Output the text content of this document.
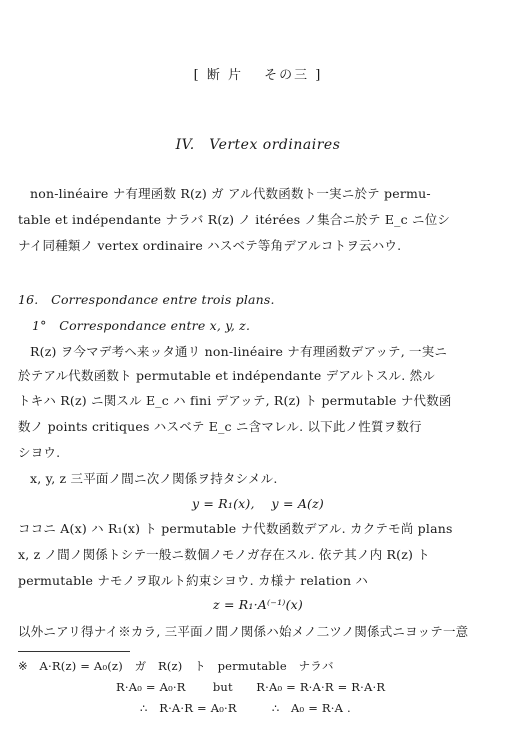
[ 断 片　 その三 ]
IV.　Vertex ordinaires
non-linéaire ナ有理函数 R(z) ガ アル代数函数ト一実ニ於テ permu-
table et indépendante ナラバ R(z) ノ itérées ノ集合ニ於テ E_c ニ位シ
ナイ同種類ノ vertex ordinaire ハスベテ等角デアルコトヲ云ハウ.
16.　Correspondance entre trois plans.
1°　Correspondance entre x, y, z.
R(z) ヲ今マデ考ヘ来ッタ通リ non-linéaire ナ有理函数デアッテ, 一実ニ
於テアル代数函数ト permutable et indépendante デアルトスル. 然ル
トキハ R(z) ニ関スル E_c ハ fini デアッテ, R(z) ト permutable ナ代数函
数ノ points critiques ハスベテ E_c ニ含マレル. 以下此ノ性質ヲ数行
シヨウ.
x, y, z 三平面ノ間ニ次ノ関係ヲ持タシメル.
y = R₁(x),　 y = A(z)
ココニ A(x) ハ R₁(x) ト permutable ナ代数函数デアル. カクテモ尚 plans
x, z ノ間ノ関係トシテ一般ニ数個ノモノガ存在スル. 依テ其ノ内 R(z) ト
permutable ナモノヲ取ルト約束シヨウ. カ様ナ relation ハ
z = R₁·A⁽⁻¹⁾(x)
以外ニアリ得ナイ※カラ, 三平面ノ間ノ関係ハ始メノ二ツノ関係式ニヨッテ一意
※　A·R(z) = A₀(z)　ガ　R(z)　ト　permutable　ナラバ
R·A₀ = A₀·R　　 but　　R·A₀ = R·A·R = R·A·R
∴　R·A·R = A₀·R　　　∴　A₀ = R·A .
